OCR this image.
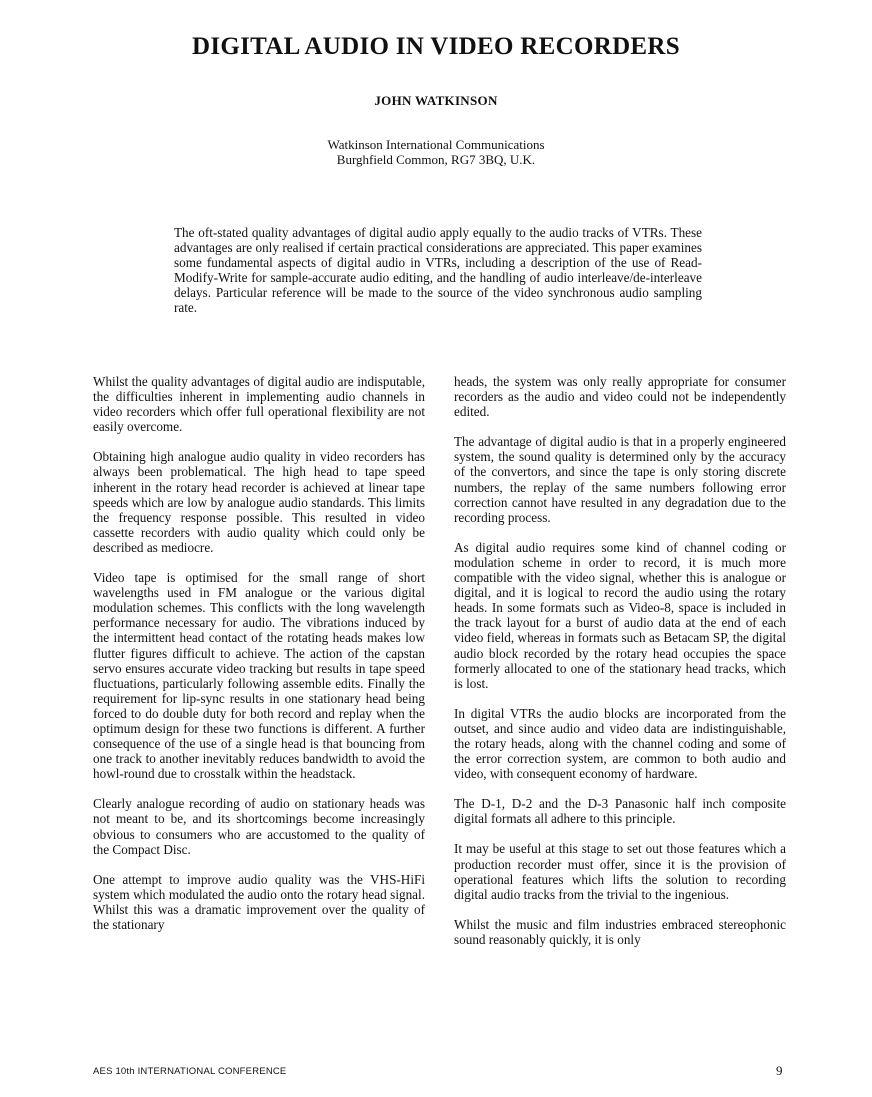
DIGITAL AUDIO IN VIDEO RECORDERS
JOHN WATKINSON
Watkinson International Communications
Burghfield Common, RG7 3BQ, U.K.

The oft-stated quality advantages of digital audio apply equally to the audio tracks of VTRs. These advantages are only realised if certain practical considerations are appreciated. This paper examines some fundamental aspects of digital audio in VTRs, including a description of the use of Read-Modify-Write for sample-accurate audio editing, and the handling of audio interleave/de-interleave delays. Particular reference will be made to the source of the video synchronous audio sampling rate.

Whilst the quality advantages of digital audio are indisputable, the difficulties inherent in implementing audio channels in video recorders which offer full operational flexibility are not easily overcome.

Obtaining high analogue audio quality in video recorders has always been problematical. The high head to tape speed inherent in the rotary head recorder is achieved at linear tape speeds which are low by analogue audio standards. This limits the frequency response possible. This resulted in video cassette recorders with audio quality which could only be described as mediocre.

Video tape is optimised for the small range of short wavelengths used in FM analogue or the various digital modulation schemes. This conflicts with the long wavelength performance necessary for audio. The vibrations induced by the intermittent head contact of the rotating heads makes low flutter figures difficult to achieve. The action of the capstan servo ensures accurate video tracking but results in tape speed fluctuations, particularly following assemble edits. Finally the requirement for lip-sync results in one stationary head being forced to do double duty for both record and replay when the optimum design for these two functions is different. A further consequence of the use of a single head is that bouncing from one track to another inevitably reduces bandwidth to avoid the howl-round due to crosstalk within the headstack.

Clearly analogue recording of audio on stationary heads was not meant to be, and its shortcomings become increasingly obvious to consumers who are accustomed to the quality of the Compact Disc.

One attempt to improve audio quality was the VHS-HiFi system which modulated the audio onto the rotary head signal. Whilst this was a dramatic improvement over the quality of the stationary

heads, the system was only really appropriate for consumer recorders as the audio and video could not be independently edited.

The advantage of digital audio is that in a properly engineered system, the sound quality is determined only by the accuracy of the convertors, and since the tape is only storing discrete numbers, the replay of the same numbers following error correction cannot have resulted in any degradation due to the recording process.

As digital audio requires some kind of channel coding or modulation scheme in order to record, it is much more compatible with the video signal, whether this is analogue or digital, and it is logical to record the audio using the rotary heads. In some formats such as Video-8, space is included in the track layout for a burst of audio data at the end of each video field, whereas in formats such as Betacam SP, the digital audio block recorded by the rotary head occupies the space formerly allocated to one of the stationary head tracks, which is lost.

In digital VTRs the audio blocks are incorporated from the outset, and since audio and video data are indistinguishable, the rotary heads, along with the channel coding and some of the error correction system, are common to both audio and video, with consequent economy of hardware.

The D-1, D-2 and the D-3 Panasonic half inch composite digital formats all adhere to this principle.

It may be useful at this stage to set out those features which a production recorder must offer, since it is the provision of operational features which lifts the solution to recording digital audio tracks from the trivial to the ingenious.

Whilst the music and film industries embraced stereophonic sound reasonably quickly, it is only

AES 10th INTERNATIONAL CONFERENCE	9
